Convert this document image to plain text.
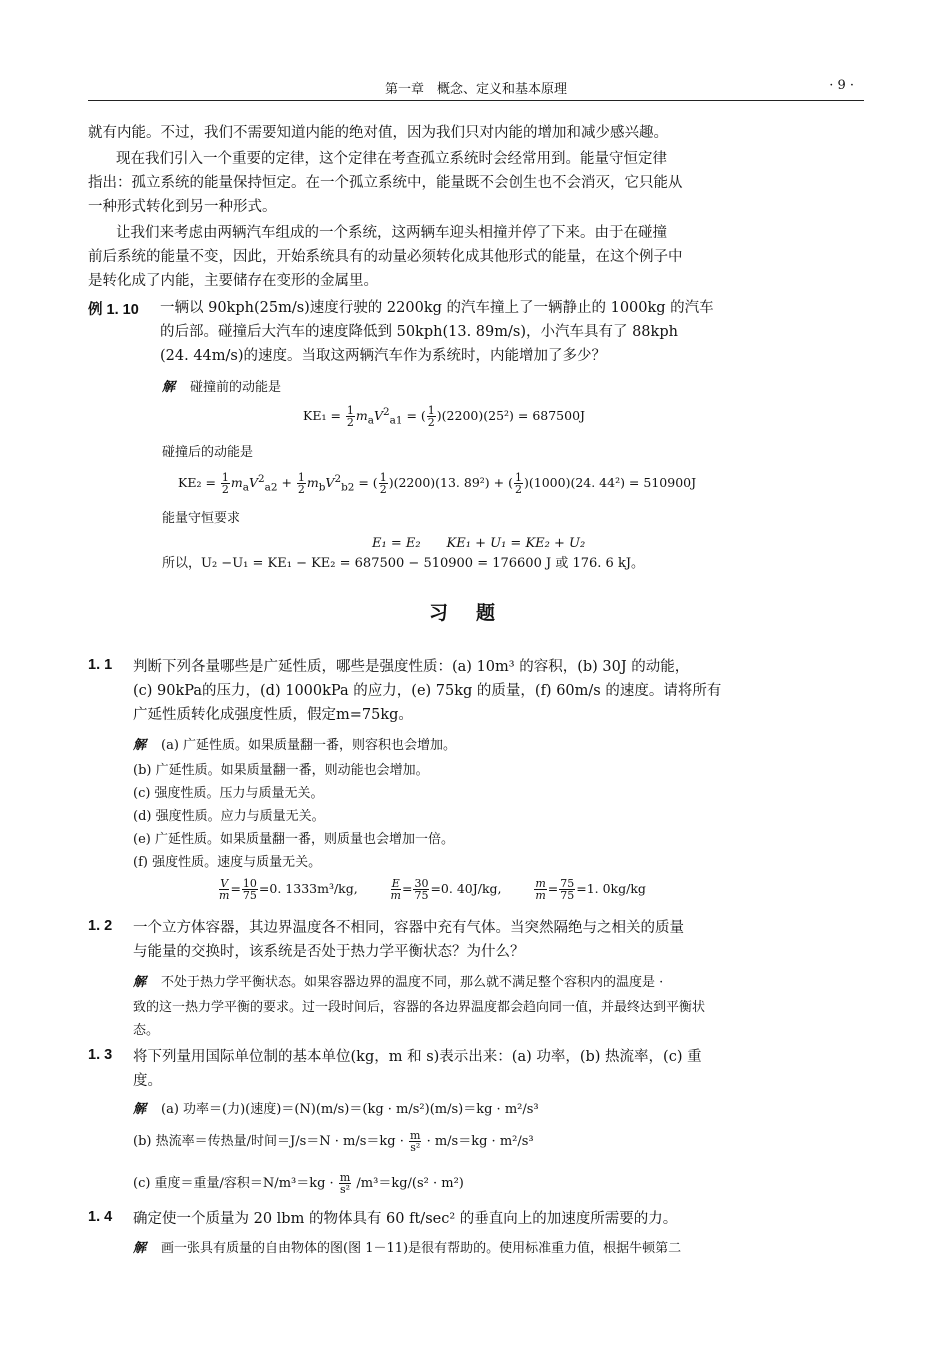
第一章　概念、定义和基本原理	· 9 ·
就有内能。不过，我们不需要知道内能的绝对值，因为我们只对内能的增加和减少感兴趣。
现在我们引入一个重要的定律，这个定律在考查孤立系统时会经常用到。能量守恒定律
指出：孤立系统的能量保持恒定。在一个孤立系统中，能量既不会创生也不会消灭，它只能从
一种形式转化到另一种形式。
让我们来考虑由两辆汽车组成的一个系统，这两辆车迎头相撞并停了下来。由于在碰撞
前后系统的能量不变，因此，开始系统具有的动量必须转化成其他形式的能量，在这个例子中
是转化成了内能，主要储存在变形的金属里。
例 1. 10 一辆以 90kph(25m/s)速度行驶的 2200kg 的汽车撞上了一辆静止的 1000kg 的汽车
的后部。碰撞后大汽车的速度降低到 50kph(13. 89m/s)，小汽车具有了 88kph
(24. 44m/s)的速度。当取这两辆汽车作为系统时，内能增加了多少？
解 碰撞前的动能是
$KE_1 = \frac{1}{2} m_aV^2_{a1}$ = ( $\frac{1}{2} )(2200)(25^2) = 687500J$
碰撞后的动能是
$KE_2 = \frac{1}{2} m_aV^2_{a2} + \frac{1}{2} m_bV^2_{b2}$ = ( $\frac{1}{2} )(2200)(13$. 89²) + ( $\frac{1}{2} )(1000)(24$. 44²) = 510900J
能量守恒要求
E₁ = E₂　　KE₁ + U₁ = KE₂ + U₂
所以，U₂ −U₁ = KE₁ − KE₂ = 687500 − 510900 = 176600 J 或 176. 6 kJ。
习题
1. 1 判断下列各量哪些是广延性质，哪些是强度性质：(a) 10m³ 的容积，(b) 30J 的动能，
(c) 90kPa的压力，(d) 1000kPa 的应力，(e) 75kg 的质量，(f) 60m/s 的速度。请将所有
广延性质转化成强度性质，假定m=75kg。
解 (a) 广延性质。如果质量翻一番，则容积也会增加。
(b) 广延性质。如果质量翻一番，则动能也会增加。
(c) 强度性质。压力与质量无关。
(d) 强度性质。应力与质量无关。
(e) 广延性质。如果质量翻一番，则质量也会增加一倍。
(f) 强度性质。速度与质量无关。
$\frac{V}{m} = \frac{10}{75} =0$. 1333m³/kg,	$\frac{E}{m} = \frac{30}{75} =0$. 40J/kg,	$\frac{m}{m} = \frac{75}{75} =1$. 0kg/kg
1. 2 一个立方体容器，其边界温度各不相同，容器中充有气体。当突然隔绝与之相关的质量
与能量的交换时，该系统是否处于热力学平衡状态？为什么？
解 不处于热力学平衡状态。如果容器边界的温度不同，那么就不满足整个容积内的温度是 ·
致的这一热力学平衡的要求。过一段时间后，容器的各边界温度都会趋向同一值，并最终达到平衡状
态。
1. 3 将下列量用国际单位制的基本单位(kg，m 和 s)表示出来：(a) 功率，(b) 热流率，(c) 重
度。
解 (a) 功率＝(力)(速度)＝(N)(m/s)＝(kg · m/s²)(m/s)＝kg · m²/s³
(b) 热流率＝传热量/时间$=J/s=N \cdot m/s=kg \cdot \frac{m}{\text{s²}} \cdot m/s=kg \cdot m^2/s^3$
(c) 重度＝重量/容积$=N/m^3=kg \cdot \frac{m}{\text{s²}} /m^3=kg/(s^2 \cdot m^2)$
1. 4 确定使一个质量为 20 lbm 的物体具有 60 ft/sec² 的垂直向上的加速度所需要的力。
解 画一张具有质量的自由物体的图(图 1－11)是很有帮助的。使用标准重力值，根据牛顿第二
